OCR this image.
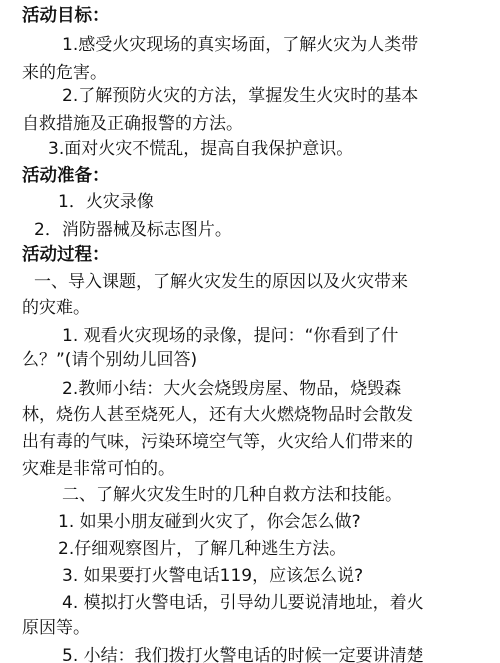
活动目标：
1.感受火灾现场的真实场面，了解火灾为人类带
来的危害。
2.了解预防火灾的方法，掌握发生火灾时的基本
自救措施及正确报警的方法。
3.面对火灾不慌乱，提高自我保护意识。
活动准备：
1．火灾录像
2．消防器械及标志图片。
活动过程：
一、导入课题，了解火灾发生的原因以及火灾带来
的灾难。
1. 观看火灾现场的录像，提问：“你看到了什
么？”(请个别幼儿回答)
2.教师小结：大火会烧毁房屋、物品，烧毁森
林，烧伤人甚至烧死人，还有大火燃烧物品时会散发
出有毒的气味，污染环境空气等，火灾给人们带来的
灾难是非常可怕的。
二、了解火灾发生时的几种自救方法和技能。
1. 如果小朋友碰到火灾了，你会怎么做?
2.仔细观察图片，了解几种逃生方法。
3. 如果要打火警电话119，应该怎么说?
4. 模拟打火警电话，引导幼儿要说清地址，着火
原因等。
5. 小结：我们拨打火警电话的时候一定要讲清楚
